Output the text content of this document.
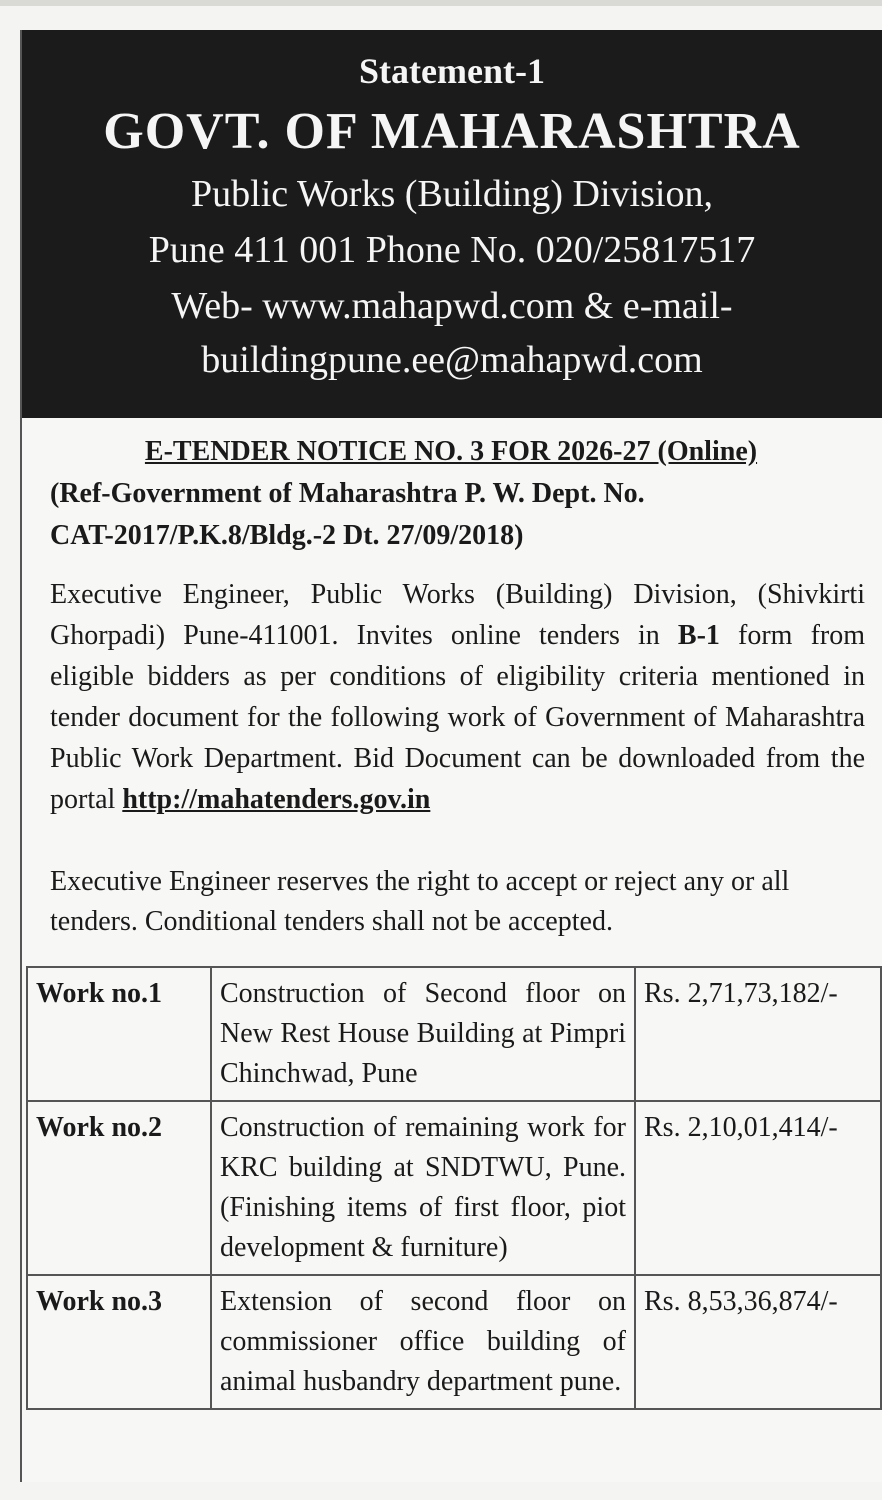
Statement-1
GOVT. OF MAHARASHTRA
Public Works (Building) Division,
Pune 411 001 Phone No. 020/25817517
Web- www.mahapwd.com & e-mail-
buildingpune.ee@mahapwd.com
E-TENDER NOTICE NO. 3 FOR 2026-27 (Online)
(Ref-Government of Maharashtra P. W. Dept. No.
CAT-2017/P.K.8/Bldg.-2 Dt. 27/09/2018)
Executive Engineer, Public Works (Building) Division, (Shivkirti Ghorpadi) Pune-411001. Invites online tenders in B-1 form from eligible bidders as per conditions of eligibility criteria mentioned in tender document for the following work of Government of Maharashtra Public Work Department. Bid Document can be downloaded from the portal http://mahatenders.gov.in
Executive Engineer reserves the right to accept or reject any or all tenders. Conditional tenders shall not be accepted.
Work no.1	Construction of Second floor on New Rest House Building at Pimpri Chinchwad, Pune	Rs. 2,71,73,182/-
Work no.2	Construction of remaining work for KRC building at SNDTWU, Pune. (Finishing items of first floor, piot development & furniture)	Rs. 2,10,01,414/-
Work no.3	Extension of second floor on commissioner office building of animal husbandry department pune.	Rs. 8,53,36,874/-
